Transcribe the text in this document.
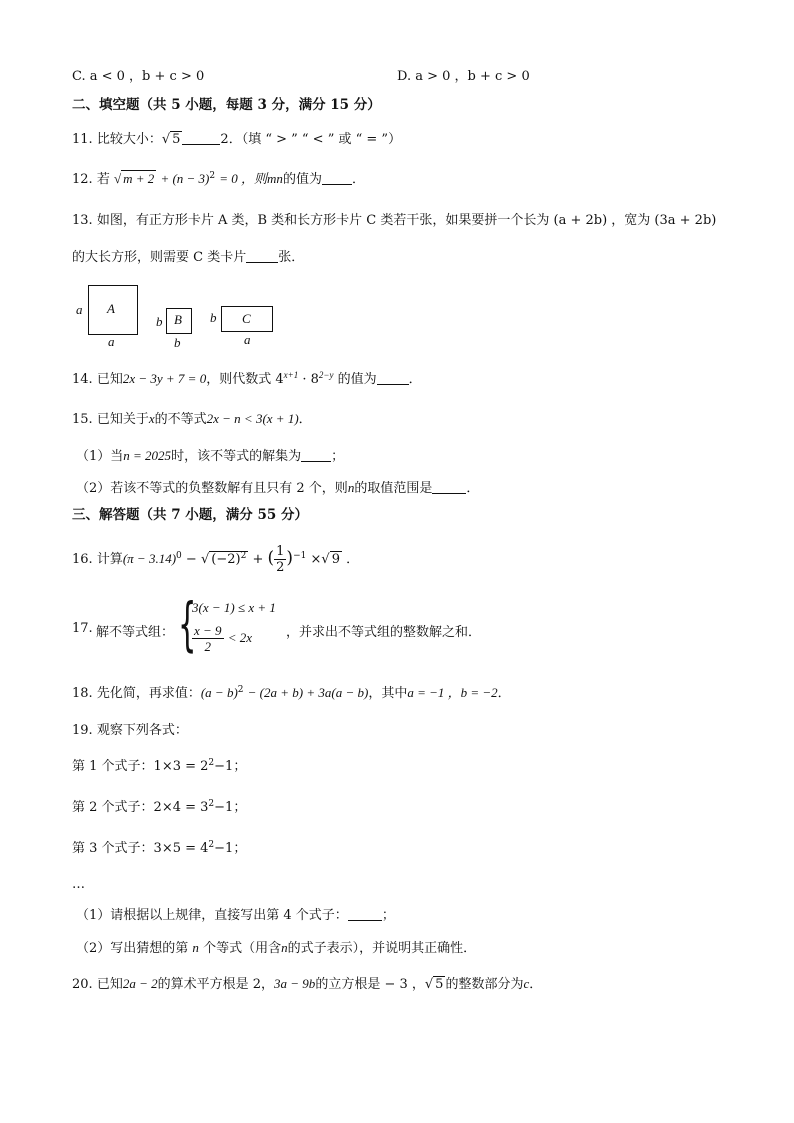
C. a < 0 ，b + c > 0	D. a > 0 ，b + c > 0
二、填空题（共 5 小题，每题 3 分，满分 15 分）
11. 比较大小：√ 5	2．（填 “ > ” “ < ” 或 “ = ”）
12. 若 √ $m + 2 + (n - 3)^2 = 0$ ，则mn的值为 ．
13. 如图，有正方形卡片 A 类，B 类和长方形卡片 C 类若干张，如果要拼一个长为 (a + 2b) ，宽为 (3a + 2b)
的大长方形，则需要 C 类卡片 张．
a A
a
b B
b
b C
a
14. 已知2x − 3y + 7 = 0，则代数式 $4^{x+1} \cdot 8^{2-y}$ 的值为 ．
15. 已知关于x的不等式2x − n < 3(x + 1)．
（1）当n = 2025时，该不等式的解集为 ；
（2）若该不等式的负整数解有且只有 2 个，则n的取值范围是	．
三、解答题（共 7 小题，满分 55 分）
16. 计算$(\pi - 3.14)^0$ − √ $(-2)^2$ + ( $\frac{1}{2} )^{-1}$ ×√ 9 ．
17. 解不等式组： {
3(x − 1) ≤ x + 1
$\frac{x - 9}{2} < 2x$	，并求出不等式组的整数解之和．
18. 先化简，再求值：$(a - b)^2 - (2a + b) + 3a(a - b)$，其中a = −1 ，b = −2．
19. 观察下列各式：
第 1 个式子：$1\times 3 = 2^2-1$；
第 2 个式子：$2\times 4 = 3^2-1$；
第 3 个式子：$3\times 5 = 4^2-1$；
…
（1）请根据以上规律，直接写出第 4 个式子：	；
（2）写出猜想的第 n 个等式（用含n的式子表示），并说明其正确性．
20. 已知2a − 2的算术平方根是 2，3a − 9b的立方根是 − 3 ，√ 5 的整数部分为c．
